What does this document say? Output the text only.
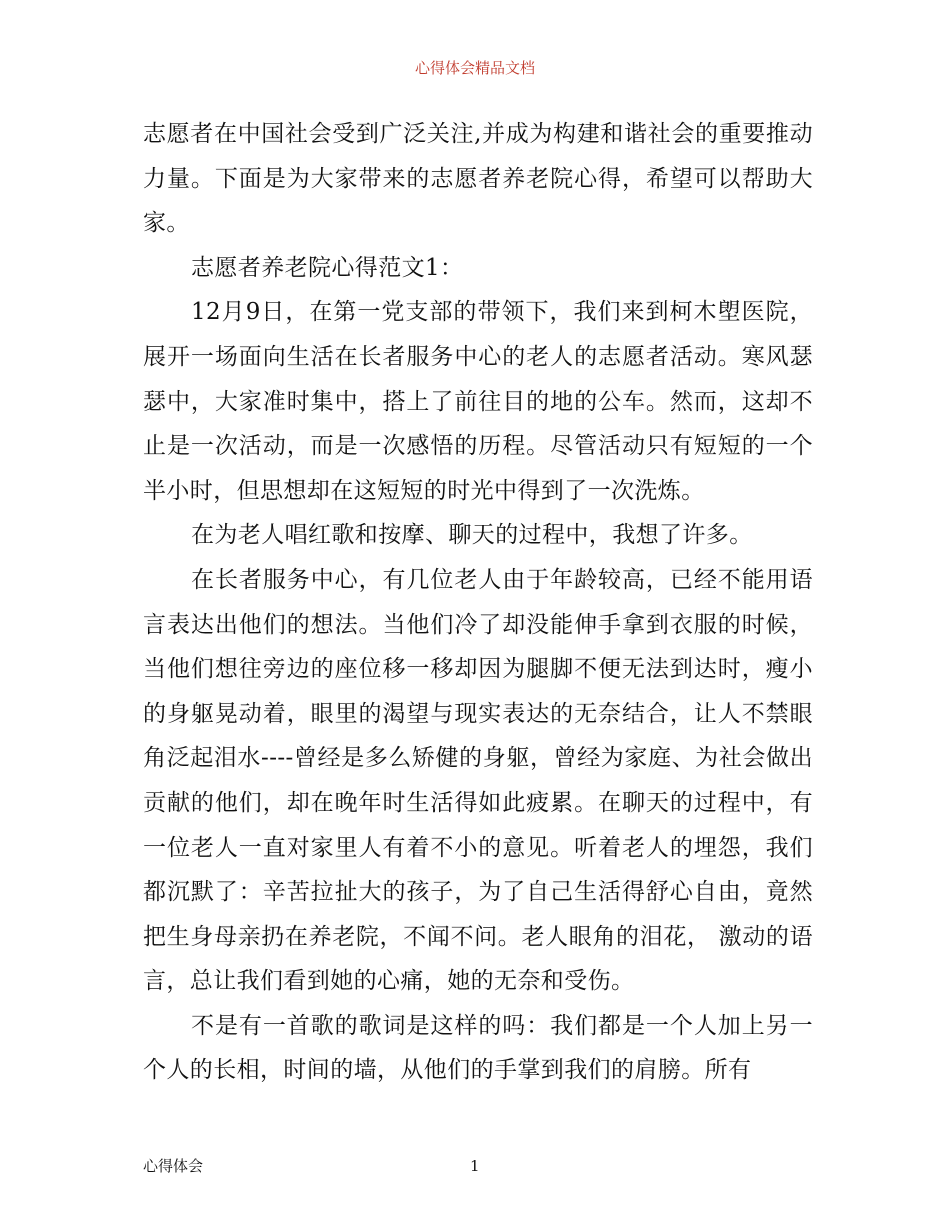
心得体会精品文档

志愿者在中国社会受到广泛关注,并成为构建和谐社会的重要推动力量。下面是为大家带来的志愿者养老院心得，希望可以帮助大家。

志愿者养老院心得范文1：

12月9日，在第一党支部的带领下，我们来到柯木塱医院，展开一场面向生活在长者服务中心的老人的志愿者活动。寒风瑟瑟中，大家准时集中，搭上了前往目的地的公车。然而，这却不止是一次活动，而是一次感悟的历程。尽管活动只有短短的一个半小时，但思想却在这短短的时光中得到了一次洗炼。

在为老人唱红歌和按摩、聊天的过程中，我想了许多。

在长者服务中心，有几位老人由于年龄较高，已经不能用语言表达出他们的想法。当他们冷了却没能伸手拿到衣服的时候，当他们想往旁边的座位移一移却因为腿脚不便无法到达时，瘦小的身躯晃动着，眼里的渴望与现实表达的无奈结合，让人不禁眼角泛起泪水----曾经是多么矫健的身躯，曾经为家庭、为社会做出贡献的他们，却在晚年时生活得如此疲累。在聊天的过程中，有一位老人一直对家里人有着不小的意见。听着老人的埋怨，我们都沉默了：辛苦拉扯大的孩子，为了自己生活得舒心自由，竟然把生身母亲扔在养老院，不闻不问。老人眼角的泪花， 激动的语言，总让我们看到她的心痛，她的无奈和受伤。

不是有一首歌的歌词是这样的吗：我们都是一个人加上另一个人的长相，时间的墙，从他们的手掌到我们的肩膀。所有

心得体会	1
